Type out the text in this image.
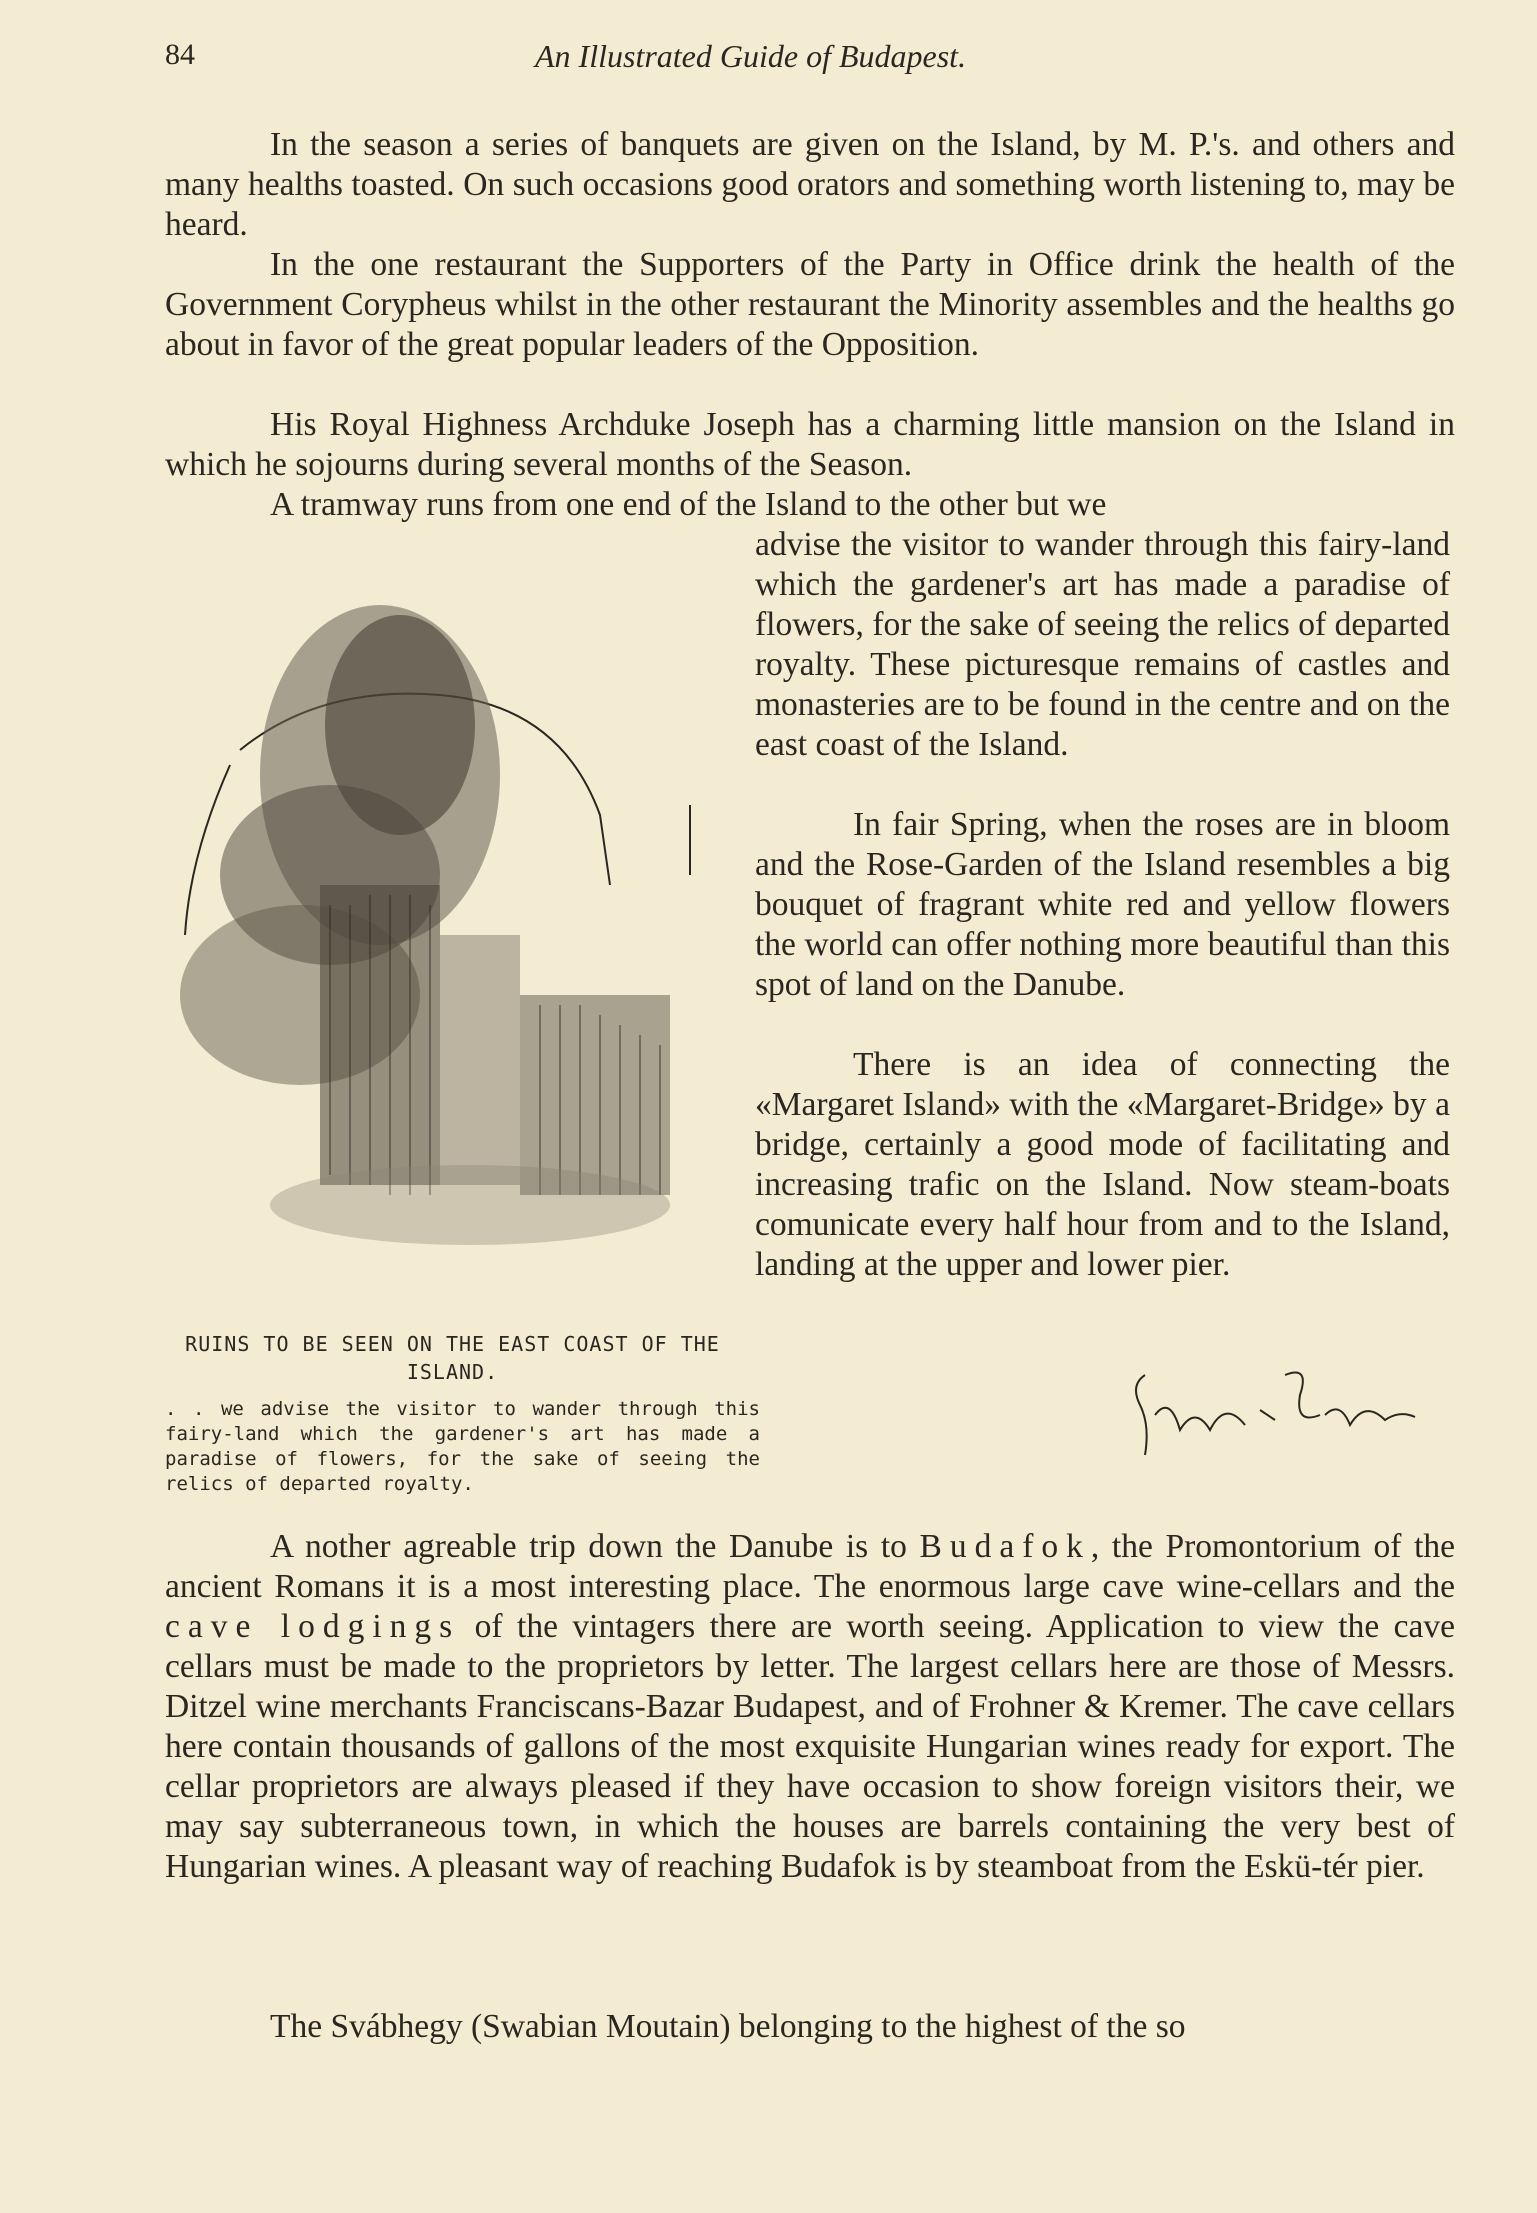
84	An Illustrated Guide of Budapest.

In the season a series of banquets are given on the Island, by M. P.'s. and others and many healths toasted. On such occasions good orators and something worth listening to, may be heard.

In the one restaurant the Supporters of the Party in Office drink the health of the Government Corypheus whilst in the other restaurant the Minority assembles and the healths go about in favor of the great popular leaders of the Opposition.

His Royal Highness Archduke Joseph has a charming little mansion on the Island in which he sojourns during several months of the Season.

A tramway runs from one end of the Island to the other but we

advise the visitor to wander through this fairy-land which the gardener's art has made a paradise of flowers, for the sake of seeing the relics of departed royalty. These picturesque remains of castles and monasteries are to be found in the centre and on the east coast of the Island.

In fair Spring, when the roses are in bloom and the Rose-Garden of the Island resembles a big bouquet of fragrant white red and yellow flowers the world can offer nothing more beautiful than this spot of land on the Danube.

There is an idea of connecting the «Margaret Island» with the «Margaret-Bridge» by a bridge, certainly a good mode of facilitating and increasing trafic on the Island. Now steam-boats comunicate every half hour from and to the Island, landing at the upper and lower pier.

RUINS TO BE SEEN ON THE EAST COAST OF THE ISLAND.
. . we advise the visitor to wander through this fairy-land which the gardener's art has made a paradise of flowers, for the sake of seeing the relics of departed royalty.

A nother agreable trip down the Danube is to Budafok, the Promontorium of the ancient Romans it is a most interesting place. The enormous large cave wine-cellars and the cave lodgings of the vintagers there are worth seeing. Application to view the cave cellars must be made to the proprietors by letter. The largest cellars here are those of Messrs. Ditzel wine merchants Franciscans-Bazar Budapest, and of Frohner & Kremer. The cave cellars here contain thousands of gallons of the most exquisite Hungarian wines ready for export. The cellar proprietors are always pleased if they have occasion to show foreign visitors their, we may say subterraneous town, in which the houses are barrels containing the very best of Hungarian wines. A pleasant way of reaching Budafok is by steamboat from the Eskü-tér pier.

The Svábhegy (Swabian Moutain) belonging to the highest of the so
